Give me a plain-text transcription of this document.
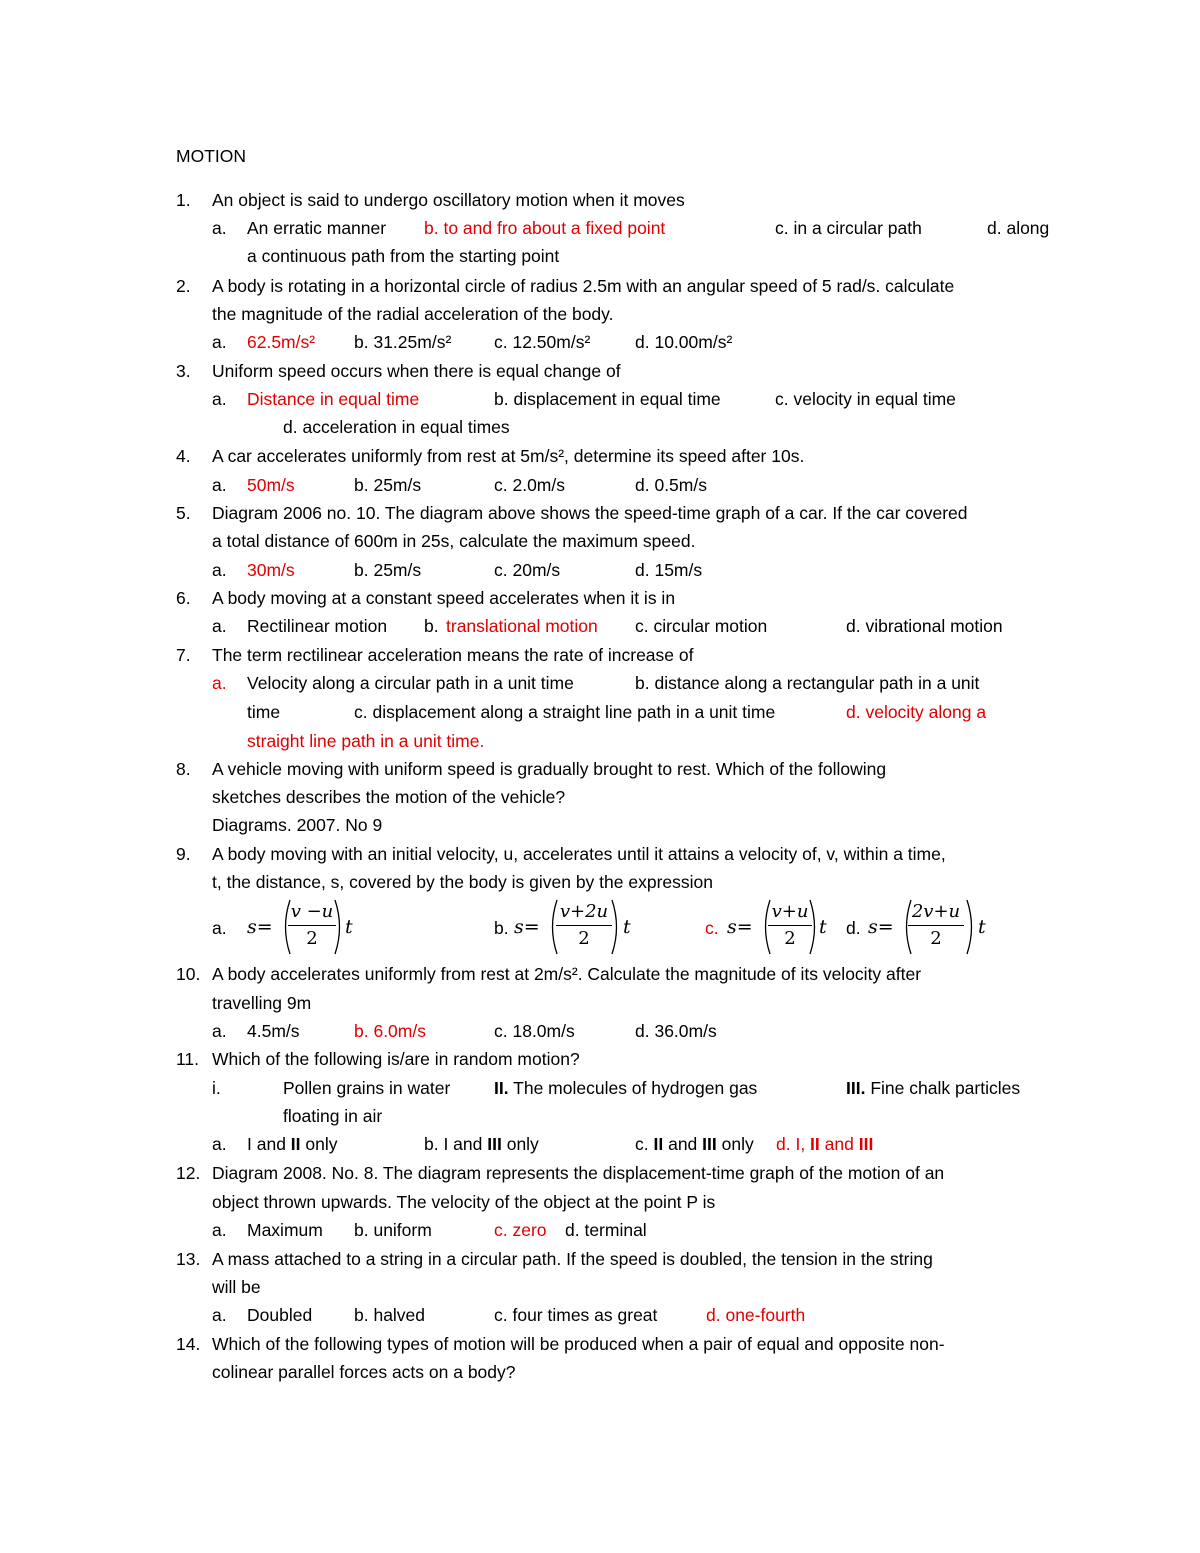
MOTION
1. An object is said to undergo oscillatory motion when it moves
a. An erratic manner b. to and fro about a fixed point	c. in a circular path	d. along
a continuous path from the starting point
2. A body is rotating in a horizontal circle of radius 2.5m with an angular speed of 5 rad/s. calculate
the magnitude of the radial acceleration of the body.
a. 62.5m/s² b. 31.25m/s² c. 12.50m/s²	d. 10.00m/s²
3. Uniform speed occurs when there is equal change of
a. Distance in equal time	b. displacement in equal time	c. velocity in equal time
d. acceleration in equal times
4. A car accelerates uniformly from rest at 5m/s², determine its speed after 10s.
a. 50m/s	b. 25m/s	c. 2.0m/s	d. 0.5m/s
5. Diagram 2006 no. 10. The diagram above shows the speed-time graph of a car. If the car covered
a total distance of 600m in 25s, calculate the maximum speed.
a. 30m/s	b. 25m/s	c. 20m/s	d. 15m/s
6. A body moving at a constant speed accelerates when it is in
a. Rectilinear motion b. translational motion c. circular motion	d. vibrational motion
7. The term rectilinear acceleration means the rate of increase of
a. Velocity along a circular path in a unit time	b. distance along a rectangular path in a unit
time	c. displacement along a straight line path in a unit time	d. velocity along a
straight line path in a unit time.
8. A vehicle moving with uniform speed is gradually brought to rest. Which of the following
sketches describes the motion of the vehicle?
Diagrams. 2007. No 9
9. A body moving with an initial velocity, u, accelerates until it attains a velocity of, v, within a time,
t, the distance, s, covered by the body is given by the expression
a. s=
v −u
2
t	b. s=
v+2u
2
t	c. s=
v+u
2
t d. s=
2v+u
2
t
10. A body accelerates uniformly from rest at 2m/s². Calculate the magnitude of its velocity after
travelling 9m
a. 4.5m/s	b. 6.0m/s	c. 18.0m/s	d. 36.0m/s
11. Which of the following is/are in random motion?
i.	Pollen grains in water II. The molecules of hydrogen gas	III. Fine chalk particles
floating in air
a. I and II only	b. I and III only	c. II and III only d. I, II and III
12. Diagram 2008. No. 8. The diagram represents the displacement-time graph of the motion of an
object thrown upwards. The velocity of the object at the point P is
a. Maximum b. uniform	c. zero d. terminal
13. A mass attached to a string in a circular path. If the speed is doubled, the tension in the string
will be
a. Doubled b. halved	c. four times as great	d. one-fourth
14. Which of the following types of motion will be produced when a pair of equal and opposite non-
colinear parallel forces acts on a body?
